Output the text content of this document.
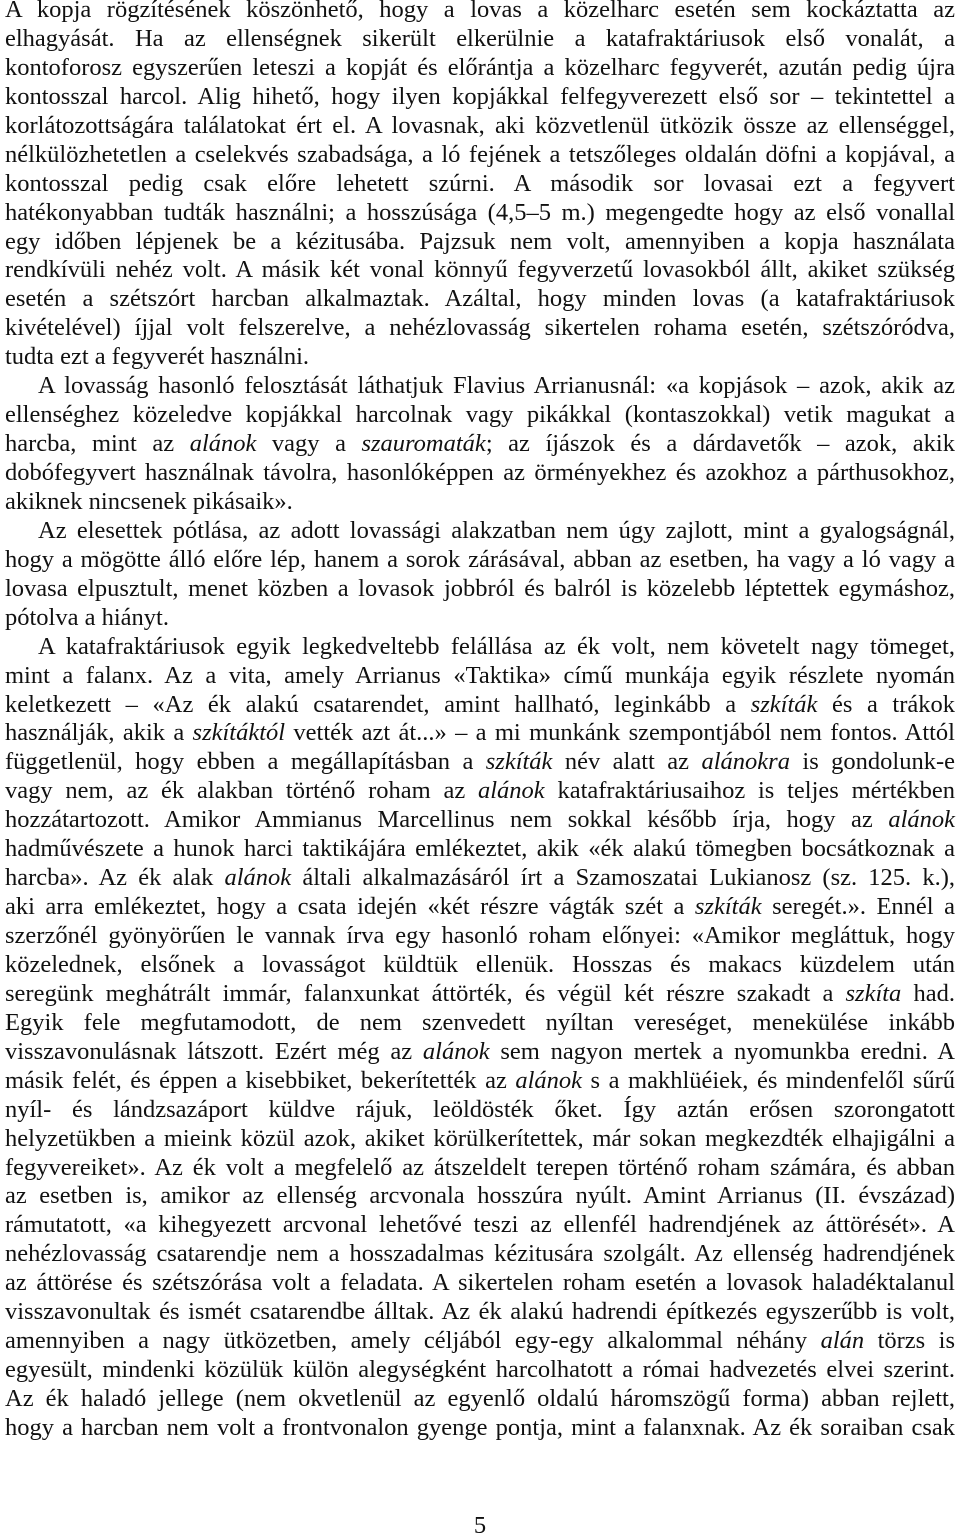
A kopja rögzítésének köszönhető, hogy a lovas a közelharc esetén sem kockáztatta az
elhagyását. Ha az ellenségnek sikerült elkerülnie a katafraktáriusok első vonalát, a
kontoforosz egyszerűen leteszi a kopját és előrántja a közelharc fegyverét, azután pedig újra
kontosszal harcol. Alig hihető, hogy ilyen kopjákkal felfegyverezett első sor – tekintettel a
korlátozottságára találatokat ért el. A lovasnak, aki közvetlenül ütközik össze az ellenséggel,
nélkülözhetetlen a cselekvés szabadsága, a ló fejének a tetszőleges oldalán döfni a kopjával, a
kontosszal pedig csak előre lehetett szúrni. A második sor lovasai ezt a fegyvert
hatékonyabban tudták használni; a hosszúsága (4,5–5 m.) megengedte hogy az első vonallal
egy időben lépjenek be a kézitusába. Pajzsuk nem volt, amennyiben a kopja használata
rendkívüli nehéz volt. A másik két vonal könnyű fegyverzetű lovasokból állt, akiket szükség
esetén a szétszórt harcban alkalmaztak. Azáltal, hogy minden lovas (a katafraktáriusok
kivételével) íjjal volt felszerelve, a nehézlovasság sikertelen rohama esetén, szétszóródva,
tudta ezt a fegyverét használni.
A lovasság hasonló felosztását láthatjuk Flavius Arrianusnál: «a kopjások – azok, akik az
ellenséghez közeledve kopjákkal harcolnak vagy pikákkal (kontaszokkal) vetik magukat a
harcba, mint az alánok vagy a szauromaták; az íjászok és a dárdavetők – azok, akik
dobófegyvert használnak távolra, hasonlóképpen az örményekhez és azokhoz a párthusokhoz,
akiknek nincsenek pikásaik».
Az elesettek pótlása, az adott lovassági alakzatban nem úgy zajlott, mint a gyalogságnál,
hogy a mögötte álló előre lép, hanem a sorok zárásával, abban az esetben, ha vagy a ló vagy a
lovasa elpusztult, menet közben a lovasok jobbról és balról is közelebb léptettek egymáshoz,
pótolva a hiányt.
A katafraktáriusok egyik legkedveltebb felállása az ék volt, nem követelt nagy tömeget,
mint a falanx. Az a vita, amely Arrianus «Taktika» című munkája egyik részlete nyomán
keletkezett – «Az ék alakú csatarendet, amint hallható, leginkább a szkíták és a trákok
használják, akik a szkítáktól vették azt át...» – a mi munkánk szempontjából nem fontos. Attól
függetlenül, hogy ebben a megállapításban a szkíták név alatt az alánokra is gondolunk-e
vagy nem, az ék alakban történő roham az alánok katafraktáriusaihoz is teljes mértékben
hozzátartozott. Amikor Ammianus Marcellinus nem sokkal később írja, hogy az alánok
hadművészete a hunok harci taktikájára emlékeztet, akik «ék alakú tömegben bocsátkoznak a
harcba». Az ék alak alánok általi alkalmazásáról írt a Szamoszatai Lukianosz (sz. 125. k.),
aki arra emlékeztet, hogy a csata idején «két részre vágták szét a szkíták seregét.». Ennél a
szerzőnél gyönyörűen le vannak írva egy hasonló roham előnyei: «Amikor megláttuk, hogy
közelednek, elsőnek a lovasságot küldtük ellenük. Hosszas és makacs küzdelem után
seregünk meghátrált immár, falanxunkat áttörték, és végül két részre szakadt a szkíta had.
Egyik fele megfutamodott, de nem szenvedett nyíltan vereséget, menekülése inkább
visszavonulásnak látszott. Ezért még az alánok sem nagyon mertek a nyomunkba eredni. A
másik felét, és éppen a kisebbiket, bekerítették az alánok s a makhlüéiek, és mindenfelől sűrű
nyíl- és lándzsazáport küldve rájuk, leöldösték őket. Így aztán erősen szorongatott
helyzetükben a mieink közül azok, akiket körülkerítettek, már sokan megkezdték elhajigálni a
fegyvereiket». Az ék volt a megfelelő az átszeldelt terepen történő roham számára, és abban
az esetben is, amikor az ellenség arcvonala hosszúra nyúlt. Amint Arrianus (II. évszázad)
rámutatott, «a kihegyezett arcvonal lehetővé teszi az ellenfél hadrendjének az áttörését». A
nehézlovasság csatarendje nem a hosszadalmas kézitusára szolgált. Az ellenség hadrendjének
az áttörése és szétszórása volt a feladata. A sikertelen roham esetén a lovasok haladéktalanul
visszavonultak és ismét csatarendbe álltak. Az ék alakú hadrendi építkezés egyszerűbb is volt,
amennyiben a nagy ütközetben, amely céljából egy-egy alkalommal néhány alán törzs is
egyesült, mindenki közülük külön alegységként harcolhatott a római hadvezetés elvei szerint.
Az ék haladó jellege (nem okvetlenül az egyenlő oldalú háromszögű forma) abban rejlett,
hogy a harcban nem volt a frontvonalon gyenge pontja, mint a falanxnak. Az ék soraiban csak
5
